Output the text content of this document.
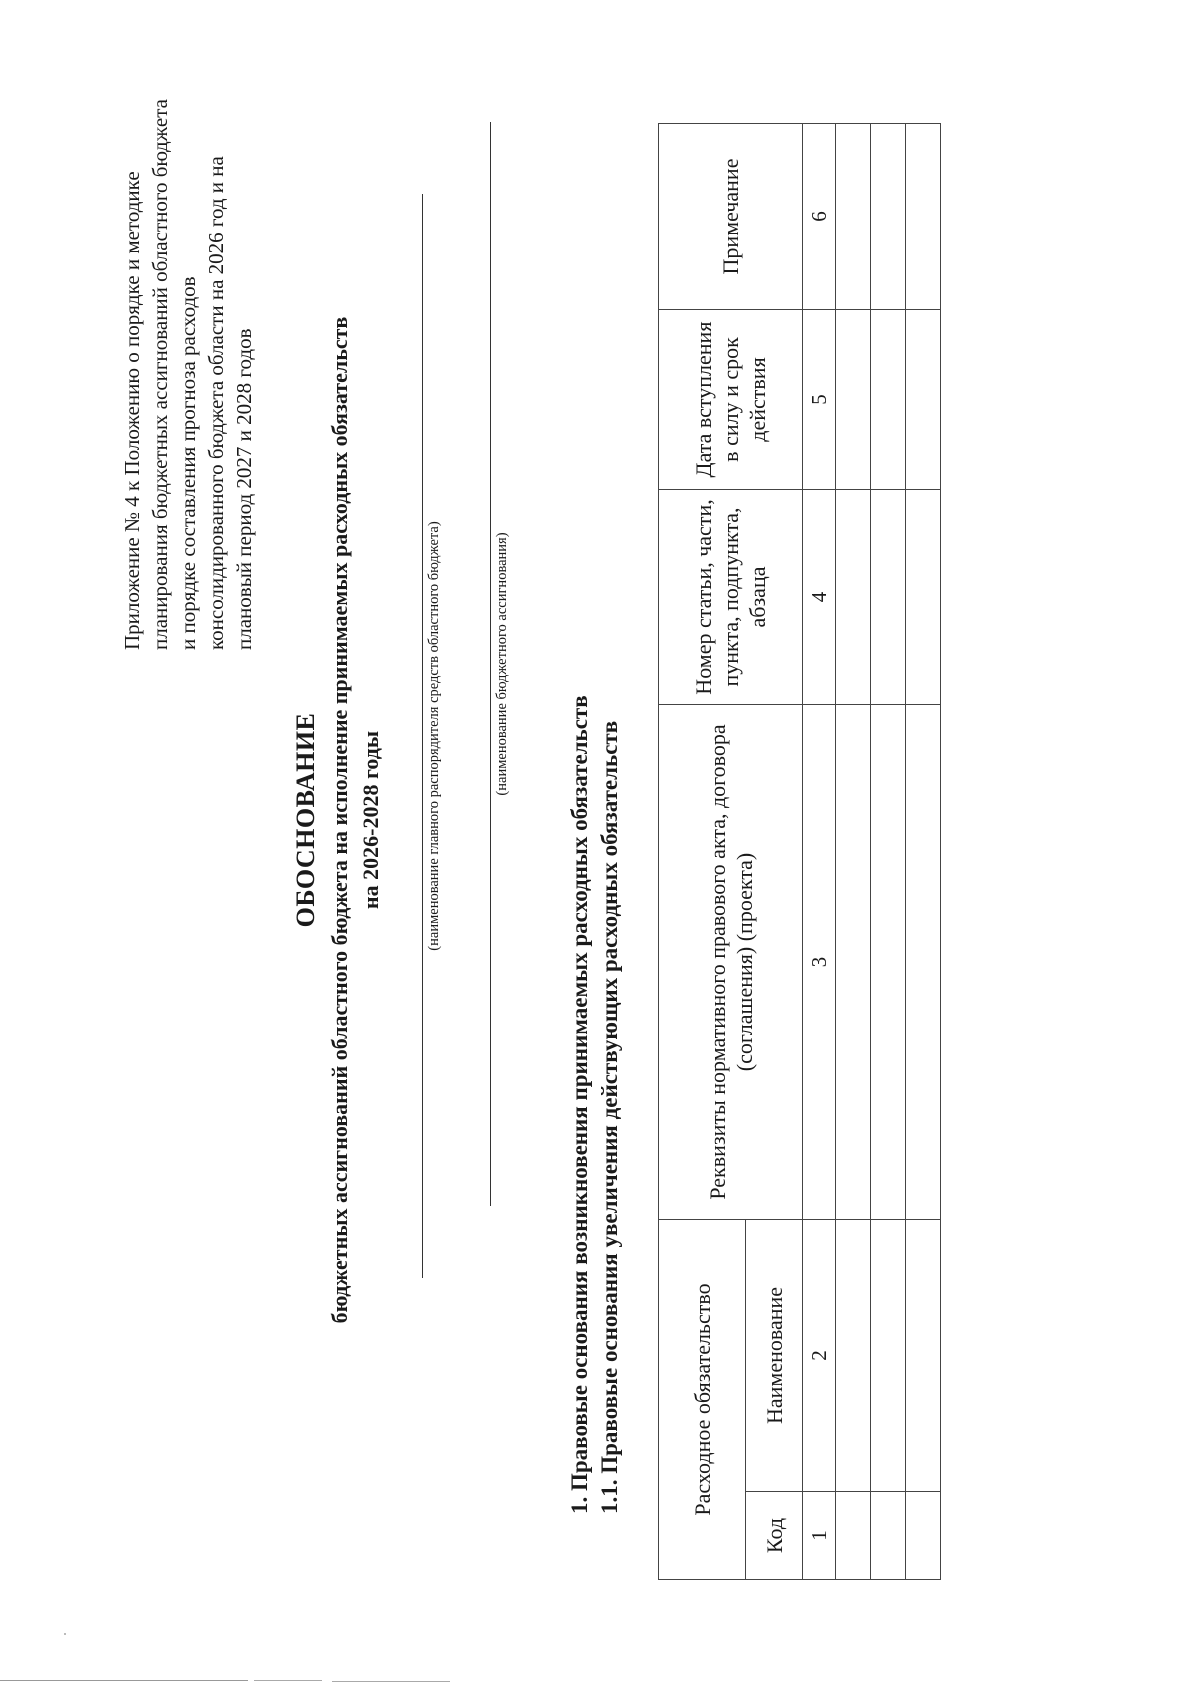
Приложение № 4 к Положению о порядке и методике планирования бюджетных ассигнований областного бюджета и порядке составления прогноза расходов консолидированного бюджета области на 2026 год и на плановый период 2027 и 2028 годов
ОБОСНОВАНИЕ бюджетных ассигнований областного бюджета на исполнение принимаемых расходных обязательств на 2026-2028 годы	(наименование главного распорядителя средств областного бюджета)	(наименование бюджетного ассигнования)
1. Правовые основания возникновения принимаемых расходных обязательств 1.1. Правовые основания увеличения действующих расходных обязательств	Расходное обязательство		Реквизиты нормативного правового акта, договора (соглашения) (проекта)	Номер статьи, части, пункта, подпункта, абзаца	Дата вступления в силу и срок действия	Примечание
Код	Наименование				
1	2	3	4	5	6
